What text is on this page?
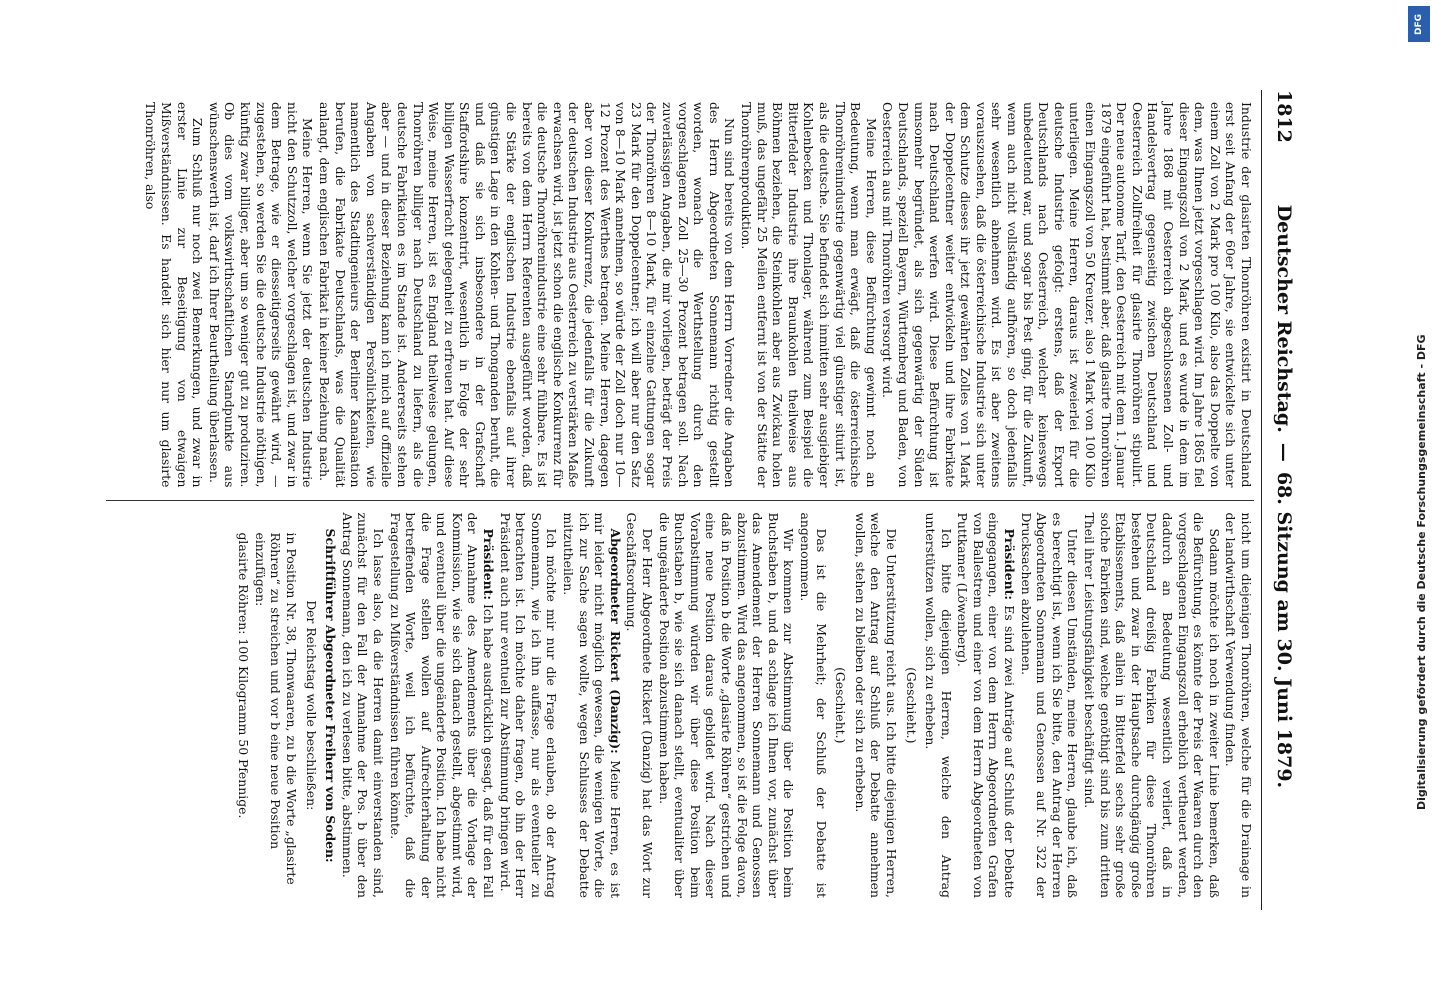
1812
Deutscher Reichstag.
—
68. Sitzung am 30. Juni 1879.

Industrie der glasirten Thonröhren existirt in Deutschland erst seit Anfang der 60er Jahre, sie entwickelte sich unter einem Zoll von 2 Mark pro 100 Kilo, also das Doppelte von dem, was Ihnen jetzt vorgeschlagen wird. Im Jahre 1865 fiel dieser Eingangszoll von 2 Mark, und es wurde in dem im Jahre 1868 mit Oesterreich abgeschlossenen Zoll- und Handelsvertrag gegenseitig zwischen Deutschland und Oesterreich Zollfreiheit für glasirte Thonröhren stipulirt. Der neue autonome Tarif, den Oesterreich mit dem 1. Januar 1879 eingeführt hat, bestimmt aber, daß glasirte Thonröhren einen Eingangszoll von 50 Kreuzer, also 1 Mark von 100 Kilo unterliegen. Meine Herren, daraus ist zweierlei für die deutsche Industrie gefolgt: erstens, daß der Export Deutschlands nach Oesterreich, welcher keineswegs unbedeutend war, und sogar bis Pest ging, für die Zukunft, wenn auch nicht vollständig aufhören, so doch jedenfalls sehr wesentlich abnehmen wird. Es ist aber zweitens vorauszusehen, daß die österreichische Industrie sich unter dem Schutze dieses ihr jetzt gewährten Zolles von 1 Mark der Doppelcentner weiter entwickeln und ihre Fabrikate nach Deutschland werfen wird. Diese Befürchtung ist umsomehr begründet, als sich gegenwärtig der Süden Deutschlands, speziell Bayern, Württemberg und Baden, von Oesterreich aus mit Thonröhren versorgt wird.

Meine Herren, diese Befürchtung gewinnt noch an Bedeutung, wenn man erwägt, daß die österreichische Thonröhrenindustrie gegenwärtig viel günstiger situirt ist, als die deutsche. Sie befindet sich inmitten sehr ausgiebiger Kohlenbecken und Thonlager, während zum Beispiel die Bitterfelder Industrie ihre Braunkohlen theilweise aus Böhmen beziehen, die Steinkohlen aber aus Zwickau holen muß, das ungefähr 25 Meilen entfernt ist von der Stätte der Thonröhrenproduktion.

Nun sind bereits von dem Herrn Vorredner die Angaben des Herrn Abgeordneten Sonnemann richtig gestellt worden, wonach die Werthstellung durch den vorgeschlagenen Zoll 25—30 Prozent betragen soll. Nach zuverlässigen Angaben, die mir vorliegen, beträgt der Preis der Thonröhren 8—10 Mark, für einzelne Gattungen sogar 23 Mark für den Doppelcentner; ich will aber nur den Satz von 8—10 Mark annehmen, so würde der Zoll doch nur 10—12 Prozent des Werthes betragen. Meine Herren, dagegen aber von dieser Konkurrenz, die jedenfalls für die Zukunft der deutschen Industrie aus Oesterreich zu verstärken Maße erwachsen wird, ist jetzt schon die englische Konkurrenz für die deutsche Thonröhrenindustrie eine sehr fühlbare. Es ist bereits von dem Herrn Referenten ausgeführt worden, daß die Stärke der englischen Industrie ebenfalls auf ihrer günstigen Lage in den Kohlen- und Thonganden beruht, die und daß sie sich insbesondere in der Grafschaft Staffordshire konzentrirt, wesentlich in Folge der sehr billigen Wasserfracht gelegenheit zu erfreuen hat. Auf diese Weise, meine Herren, ist es England theilweise gelungen, Thonröhren billiger nach Deutschland zu liefern, als die deutsche Fabrikation es im Stande ist. Andererseits stehen aber — und in dieser Beziehung kann ich mich auf offizielle Angaben von sachverständigen Persönlichkeiten, wie namentlich des Stadtingenieurs der Berliner Kanalisation berufen, die Fabrikate Deutschlands, was die Qualität anlangt, dem englischen Fabrikat in keiner Beziehung nach.

Meine Herren, wenn Sie jetzt der deutschen Industrie nicht den Schutzzoll, welcher vorgeschlagen ist, und zwar in dem Betrage, wie er diesseitigerseits gewährt wird, — zugestehen, so werden Sie die deutsche Industrie nöthigen, künftig zwar billiger, aber um so weniger gut zu produziren. Ob dies vom volkswirthschaftlichen Standpunkte aus wünschenswerth ist, darf ich Ihrer Beurtheilung überlassen.

Zum Schluß nur noch zwei Bemerkungen, und zwar in erster Linie zur Beseitigung von etwaigen Mißverständnissen. Es handelt sich hier nur um glasirte Thonröhren, also

nicht um diejenigen Thonröhren, welche für die Drainage in der landwirthschaft Verwendung finden.

Sodann möchte ich noch in zweiter Linie bemerken, daß die Befürchtung, es könnte der Preis der Waaren durch den vorgeschlagenen Eingangszoll erheblich vertheuert werden, dadurch an Bedeutung wesentlich verliert, daß in Deutschland dreißig Fabriken für diese Thonröhren bestehen und zwar in der Hauptsache durchgängig große Etablissements, daß allein in Bitterfeld sechs sehr große solche Fabriken sind, welche genöthigt sind bis zum dritten Theil ihrer Leistungsfähigkeit beschäftigt sind.

Unter diesen Umständen, meine Herren, glaube ich, daß es berechtigt ist, wenn ich Sie bitte, den Antrag der Herren Abgeordneten Sonnemann und Genossen auf Nr. 322 der Drucksachen abzulehnen.

Präsident: Es sind zwei Anträge auf Schluß der Debatte eingegangen, einer von dem Herrn Abgeordneten Grafen von Ballestrem und einer von dem Herrn Abgeordneten von Puttkamer (Löwenberg).

Ich bitte diejenigen Herren, welche den Antrag unterstützen wollen, sich zu erheben.

(Geschieht.)

Die Unterstützung reicht aus. Ich bitte diejenigen Herren, welche den Antrag auf Schluß der Debatte annehmen wollen, stehen zu bleiben oder sich zu erheben.

(Geschieht.)

Das ist die Mehrheit; der Schluß der Debatte ist angenommen.

Wir kommen zur Abstimmung über die Position beim Buchstaben b, und da schlage ich Ihnen vor, zunächst über das Amendement der Herren Sonnemann und Genossen abzustimmen. Wird das angenommen, so ist die Folge davon, daß in Position b die Worte „glasirte Röhren“ gestrichen und eine neue Position daraus gebildet wird. Nach dieser Vorabstimmung würden wir über diese Position beim Buchstaben b, wie sie sich danach stellt, eventualiter über die ungeänderte Position abzustimmen haben.

Der Herr Abgeordnete Rickert (Danzig) hat das Wort zur Geschäftsordnung.

Abgeordneter Rickert (Danzig): Meine Herren, es ist mir leider nicht möglich gewesen, die wenigen Worte, die ich zur Sache sagen wollte, wegen Schlusses der Debatte mitzutheilen.

Ich möchte mir nur die Frage erlauben, ob der Antrag Sonnemann, wie ich ihn auffasse, nur als eventueller zu betrachten ist. Ich möchte daher fragen, ob ihn der Herr Präsident auch nur eventuell zur Abstimmung bringen wird.

Präsident: Ich habe ausdrücklich gesagt, daß für den Fall der Annahme des Amendements über die Vorlage der Kommission, wie sie sich danach gestellt, abgestimmt wird, und eventuell über die ungeänderte Position. Ich habe nicht die Frage stellen wollen auf Aufrechterhaltung der betreffenden Worte, weil ich befürchte, daß die Fragestellung zu Mißverständnissen führen könnte.

Ich lasse also, da die Herren damit einverstanden sind, zunächst für den Fall der Annahme der Pos. b über den Antrag Sonnemann, den ich zu verlesen bitte, abstimmen.

Schriftführer Abgeordneter Freiherr von Soden:

Der Reichstag wolle beschließen:

in Position Nr. 38, Thonwaaren, zu b die Worte „glasirte Röhren“ zu streichen und vor b eine neue Position einzufügen:

glasirte Röhren: 100 Kilogramm 50 Pfennige.

DFG
Digitalisierung gefördert durch die Deutsche Forschungsgemeinschaft - DFG
